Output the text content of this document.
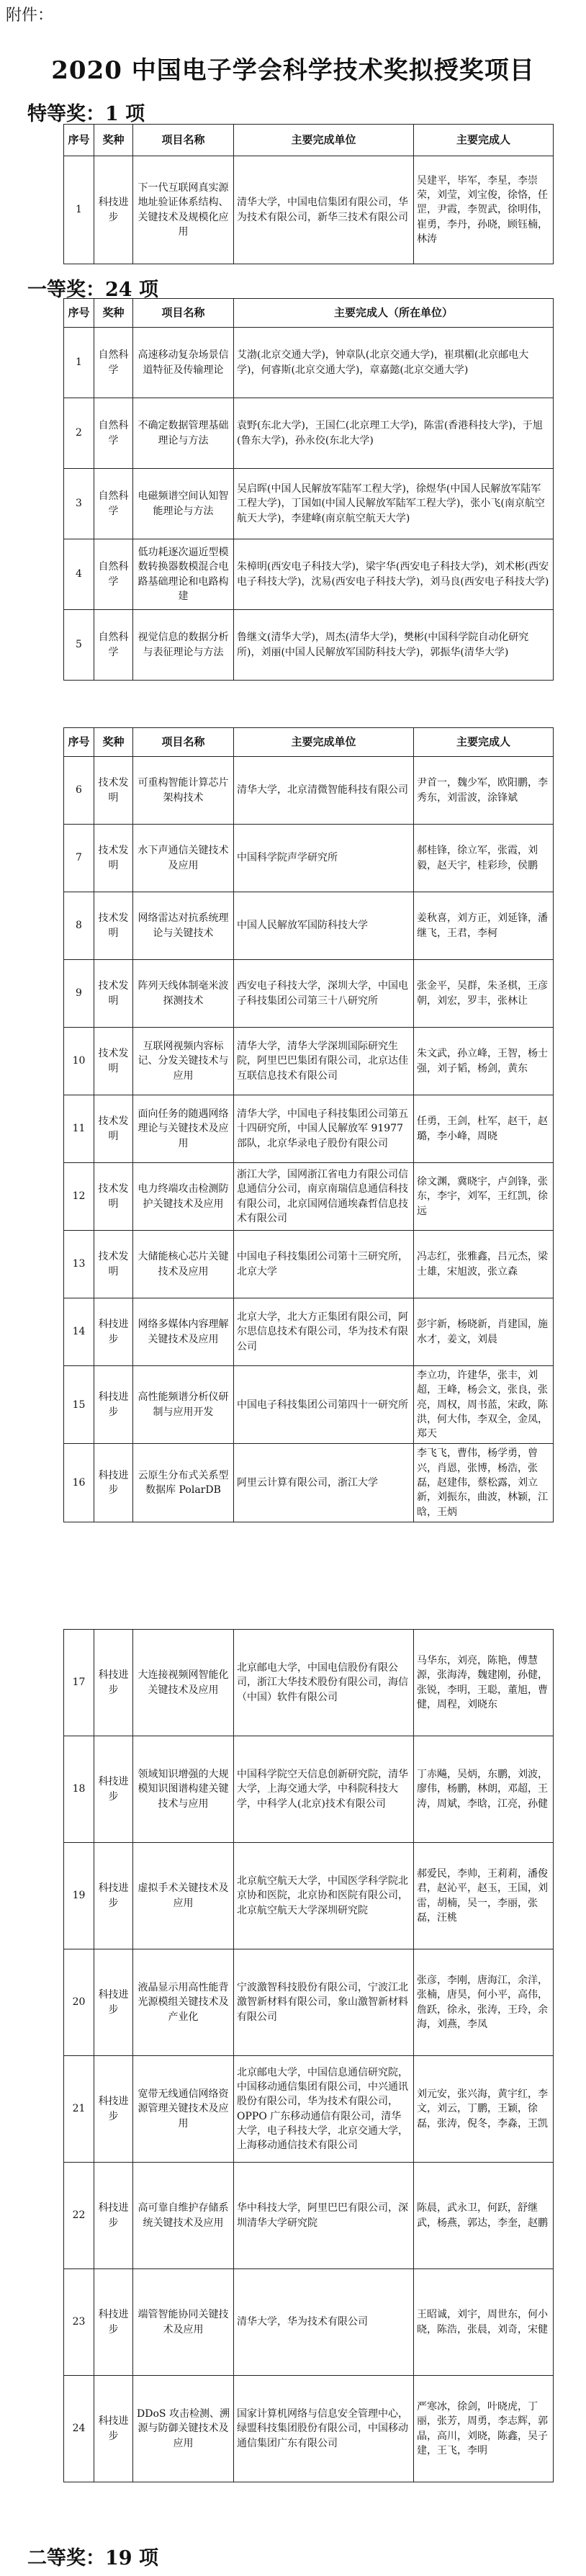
附件：
2020 中国电子学会科学技术奖拟授奖项目
特等奖：1 项
序号	奖种	项目名称	主要完成单位	主要完成人
1	科技进步	下一代互联网真实源地址验证体系结构、关键技术及规模化应用	清华大学，中国电信集团有限公司，华为技术有限公司，新华三技术有限公司	吴建平，毕军，李星，李崇荣，刘莹，刘宝俊，徐恪，任罡，尹霞，李贺武，徐明伟，崔勇，李丹，孙晓，顾钰楠，林涛
一等奖：24 项
序号	奖种	项目名称	主要完成人（所在单位）
1	自然科学	高速移动复杂场景信道特征及传输理论	艾渤(北京交通大学)，钟章队(北京交通大学)，崔琪楣(北京邮电大学)，何睿斯(北京交通大学)，章嘉懿(北京交通大学)
2	自然科学	不确定数据管理基础理论与方法	袁野(东北大学)，王国仁(北京理工大学)，陈雷(香港科技大学)，于旭(鲁东大学)，孙永佼(东北大学)
3	自然科学	电磁频谱空间认知智能理论与方法	吴启晖(中国人民解放军陆军工程大学)，徐煜华(中国人民解放军陆军工程大学)，丁国如(中国人民解放军陆军工程大学)，张小飞(南京航空航天大学)，李建峰(南京航空航天大学)
4	自然科学	低功耗逐次逼近型模数转换器数模混合电路基础理论和电路构建	朱樟明(西安电子科技大学)，梁宇华(西安电子科技大学)，刘术彬(西安电子科技大学)，沈易(西安电子科技大学)，刘马良(西安电子科技大学)
5	自然科学	视觉信息的数据分析与表征理论与方法	鲁继文(清华大学)，周杰(清华大学)，樊彬(中国科学院自动化研究所)，刘丽(中国人民解放军国防科技大学)，郭振华(清华大学)
序号	奖种	项目名称	主要完成单位	主要完成人
6	技术发明	可重构智能计算芯片架构技术	清华大学，北京清微智能科技有限公司	尹首一，魏少军，欧阳鹏，李秀东，刘雷波，涂锋斌
7	技术发明	水下声通信关键技术及应用	中国科学院声学研究所	郝桂锋，徐立军，张霞，刘毅，赵天宇，桂彩珍，侯鹏
8	技术发明	网络雷达对抗系统理论与关键技术	中国人民解放军国防科技大学	姜秋喜，刘方正，刘延锋，潘继飞，王君，李柯
9	技术发明	阵列天线体制毫米波探测技术	西安电子科技大学，深圳大学，中国电子科技集团公司第三十八研究所	张金平，吴群，朱圣棋，王彦朝，刘宏，罗丰，张林让
10	技术发明	互联网视频内容标记、分发关键技术与应用	清华大学，清华大学深圳国际研究生院，阿里巴巴集团有限公司，北京达佳互联信息技术有限公司	朱文武，孙立峰，王智，杨士强，刘子韬，杨剑，黄东
11	技术发明	面向任务的随遇网络理论与关键技术及应用	清华大学，中国电子科技集团公司第五十四研究所，中国人民解放军 91977 部队，北京华录电子股份有限公司	任勇，王剑，杜军，赵干，赵璐，李小峰，周晓
12	技术发明	电力终端攻击检测防护关键技术及应用	浙江大学，国网浙江省电力有限公司信息通信分公司，南京南瑞信息通信科技有限公司，北京国网信通埃森哲信息技术有限公司	徐文渊，冀晓宇，卢剑锋，张东，李宇，刘军，王红凯，徐远
13	技术发明	大储能核心芯片关键技术及应用	中国电子科技集团公司第十三研究所，北京大学	冯志红，张雅鑫，吕元杰，梁士雄，宋旭波，张立森
14	科技进步	网络多媒体内容理解关键技术及应用	北京大学，北大方正集团有限公司，阿尔思信息技术有限公司，华为技术有限公司	彭宇新，杨晓新，肖建国，施水才，姜文，刘晨
15	科技进步	高性能频谱分析仪研制与应用开发	中国电子科技集团公司第四十一研究所	李立功，许建华，张丰，刘超，王峰，杨会文，张良，张亮，周权，周书蓝，宋政，陈洪，何大伟，李双全，金凤，郑天
16	科技进步	云原生分布式关系型数据库 PolarDB	阿里云计算有限公司，浙江大学	李飞飞，曹伟，杨学勇，曾兴，肖恩，张博，杨浩，张磊，赵建伟，蔡松露，刘立新，刘振东，曲波，林颖，江晗，王炳
17	科技进步	大连接视频网智能化关键技术及应用	北京邮电大学，中国电信股份有限公司，浙江大华技术股份有限公司，海信（中国）软件有限公司	马华东，刘亮，陈艳，傅慧源，张海涛，魏建刚，孙健，张锐，李明，王聪，董旭，曹健，周程，刘晓东
18	科技进步	领域知识增强的大规模知识图谱构建关键技术与应用	中国科学院空天信息创新研究院，清华大学，上海交通大学，中科院科技大学，中科学人(北京)技术有限公司	丁赤飚，吴炳，东鹏，刘波，廖伟，杨鹏，林朗，邓超，王涛，周斌，李晗，江亮，孙健
19	科技进步	虚拟手术关键技术及应用	北京航空航天大学，中国医学科学院北京协和医院，北京协和医院有限公司，北京航空航天大学深圳研究院	郝爱民，李帅，王莉莉，潘俊君，赵沁平，赵玉，王国，刘雷，胡楠，吴一，李丽，张磊，汪桃
20	科技进步	液晶显示用高性能背光源模组关键技术及产业化	宁波激智科技股份有限公司，宁波江北激智新材料有限公司，象山激智新材料有限公司	张彦，李刚，唐海江，余洋，张楠，唐昊，何小平，高伟，詹跃，徐永，张涛，王玲，余海，刘燕，李凤
21	科技进步	宽带无线通信网络资源管理关键技术及应用	北京邮电大学，中国信息通信研究院，中国移动通信集团有限公司，中兴通讯股份有限公司，华为技术有限公司，OPPO 广东移动通信有限公司，清华大学，电子科技大学，北京交通大学，上海移动通信技术有限公司	刘元安，张兴海，黄宇红，李文，刘云，丁鹏，王颖，徐磊，张涛，倪冬，李淼，王凯
22	科技进步	高可靠自维护存储系统关键技术及应用	华中科技大学，阿里巴巴有限公司，深圳清华大学研究院	陈晨，武永卫，何跃，舒继武，杨燕，郭达，李奎，赵鹏
23	科技进步	端管智能协同关键技术及应用	清华大学，华为技术有限公司	王昭诚，刘宇，周世东，何小晓，陈浩，张晨，刘奇，宋健
24	科技进步	DDoS 攻击检测、溯源与防御关键技术及应用	国家计算机网络与信息安全管理中心，绿盟科技集团股份有限公司，中国移动通信集团广东有限公司	严寒冰，徐剑，叶晓虎，丁丽，张芳，周勇，李志辉，郭晶，高川，刘晓，陈鑫，吴子建，王飞，李明
二等奖：19 项
